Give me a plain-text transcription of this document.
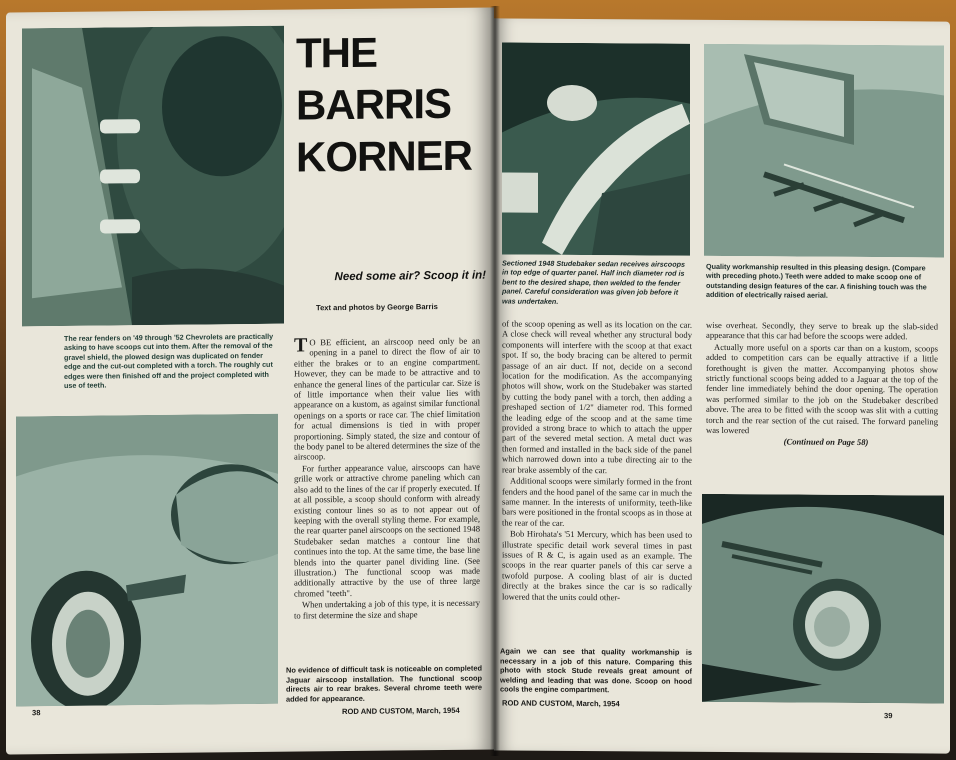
THE
BARRIS
KORNER
Need some air? Scoop it in!
Text and photos by George Barris
The rear fenders on '49 through '52 Chevrolets are practically asking to have scoops cut into them. After the removal of the gravel shield, the plowed design was duplicated on fender edge and the cut-out completed with a torch. The roughly cut edges were then finished off and the project completed with use of teeth.

T O BE efficient, an airscoop need only be an opening in a panel to direct the flow of air to either the brakes or to an engine compartment. However, they can be made to be attractive and to enhance the general lines of the particular car. Size is of little importance when their value lies with appearance on a kustom, as against similar functional openings on a sports or race car. The chief limitation for actual dimensions is tied in with proper proportioning. Simply stated, the size and contour of the body panel to be altered determines the size of the airscoop.

For further appearance value, airscoops can have grille work or attractive chrome paneling which can also add to the lines of the car if properly executed. If at all possible, a scoop should conform with already existing contour lines so as to not appear out of keeping with the overall styling theme. For example, the rear quarter panel airscoops on the sectioned 1948 Studebaker sedan matches a contour line that continues into the top. At the same time, the base line blends into the quarter panel dividing line. (See illustration.) The functional scoop was made additionally attractive by the use of three large chromed "teeth".

When undertaking a job of this type, it is necessary to first determine the size and shape

No evidence of difficult task is noticeable on completed Jaguar airscoop installation. The functional scoop directs air to rear brakes. Several chrome teeth were added for appearance.
38	ROD AND CUSTOM, March, 1954
Sectioned 1948 Studebaker sedan receives airscoops in top edge of quarter panel. Half inch diameter rod is bent to the desired shape, then welded to the fender panel. Careful consideration was given job before it was undertaken.
Quality workmanship resulted in this pleasing design. (Compare with preceding photo.) Teeth were added to make scoop one of outstanding design features of the car. A finishing touch was the addition of electrically raised aerial.

of the scoop opening as well as its location on the car. A close check will reveal whether any structural body components will interfere with the scoop at that exact spot. If so, the body bracing can be altered to permit passage of an air duct. If not, decide on a second location for the modification. As the accompanying photos will show, work on the Studebaker was started by cutting the body panel with a torch, then adding a preshaped section of 1/2" diameter rod. This formed the leading edge of the scoop and at the same time provided a strong brace to which to attach the upper part of the severed metal section. A metal duct was then formed and installed in the back side of the panel which narrowed down into a tube directing air to the rear brake assembly of the car.

Additional scoops were similarly formed in the front fenders and the hood panel of the same car in much the same manner. In the interests of uniformity, teeth-like bars were positioned in the frontal scoops as in those at the rear of the car.

Bob Hirohata's '51 Mercury, which has been used to illustrate specific detail work several times in past issues of R & C, is again used as an example. The scoops in the rear quarter panels of this car serve a twofold purpose. A cooling blast of air is ducted directly at the brakes since the car is so radically lowered that the units could other-

wise overheat. Secondly, they serve to break up the slab-sided appearance that this car had before the scoops were added.

Actually more useful on a sports car than on a kustom, scoops added to competition cars can be equally attractive if a little forethought is given the matter. Accompanying photos show strictly functional scoops being added to a Jaguar at the top of the fender line immediately behind the door opening. The operation was performed similar to the job on the Studebaker described above. The area to be fitted with the scoop was slit with a cutting torch and the rear section of the cut raised. The forward paneling was lowered

(Continued on Page 58)

Again we can see that quality workmanship is necessary in a job of this nature. Comparing this photo with stock Stude reveals great amount of welding and leading that was done. Scoop on hood cools the engine compartment.
ROD AND CUSTOM, March, 1954
39
